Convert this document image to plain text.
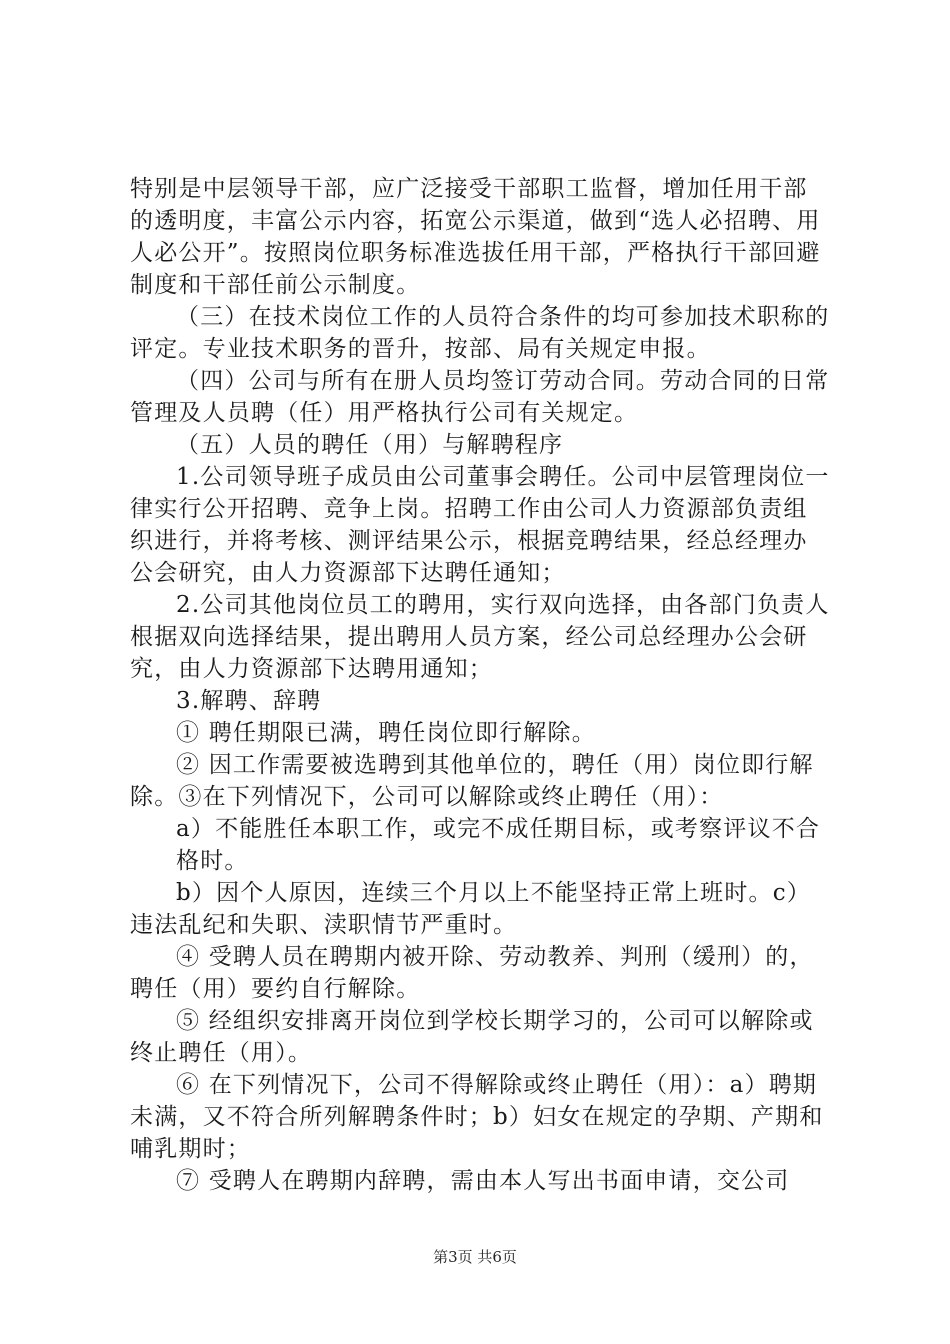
特别是中层领导干部，应广泛接受干部职工监督，增加任用干部的透明度，丰富公示内容，拓宽公示渠道，做到“选人必招聘、用人必公开”。按照岗位职务标准选拔任用干部，严格执行干部回避制度和干部任前公示制度。

（三）在技术岗位工作的人员符合条件的均可参加技术职称的评定。专业技术职务的晋升，按部、局有关规定申报。

（四）公司与所有在册人员均签订劳动合同。劳动合同的日常管理及人员聘（任）用严格执行公司有关规定。

（五）人员的聘任（用）与解聘程序

1.公司领导班子成员由公司董事会聘任。公司中层管理岗位一律实行公开招聘、竞争上岗。招聘工作由公司人力资源部负责组织进行，并将考核、测评结果公示，根据竞聘结果，经总经理办公会研究，由人力资源部下达聘任通知；

2.公司其他岗位员工的聘用，实行双向选择，由各部门负责人根据双向选择结果，提出聘用人员方案，经公司总经理办公会研究，由人力资源部下达聘用通知；

3.解聘、辞聘

① 聘任期限已满，聘任岗位即行解除。

② 因工作需要被选聘到其他单位的，聘任（用）岗位即行解除。③在下列情况下，公司可以解除或终止聘任（用）：

a）不能胜任本职工作，或完不成任期目标，或考察评议不合

格时。

b）因个人原因，连续三个月以上不能坚持正常上班时。c）违法乱纪和失职、渎职情节严重时。

④ 受聘人员在聘期内被开除、劳动教养、判刑（缓刑）的，聘任（用）要约自行解除。

⑤ 经组织安排离开岗位到学校长期学习的，公司可以解除或终止聘任（用）。

⑥ 在下列情况下，公司不得解除或终止聘任（用）：a）聘期未满，又不符合所列解聘条件时；b）妇女在规定的孕期、产期和哺乳期时；

⑦ 受聘人在聘期内辞聘，需由本人写出书面申请，交公司

第3页 共6页
